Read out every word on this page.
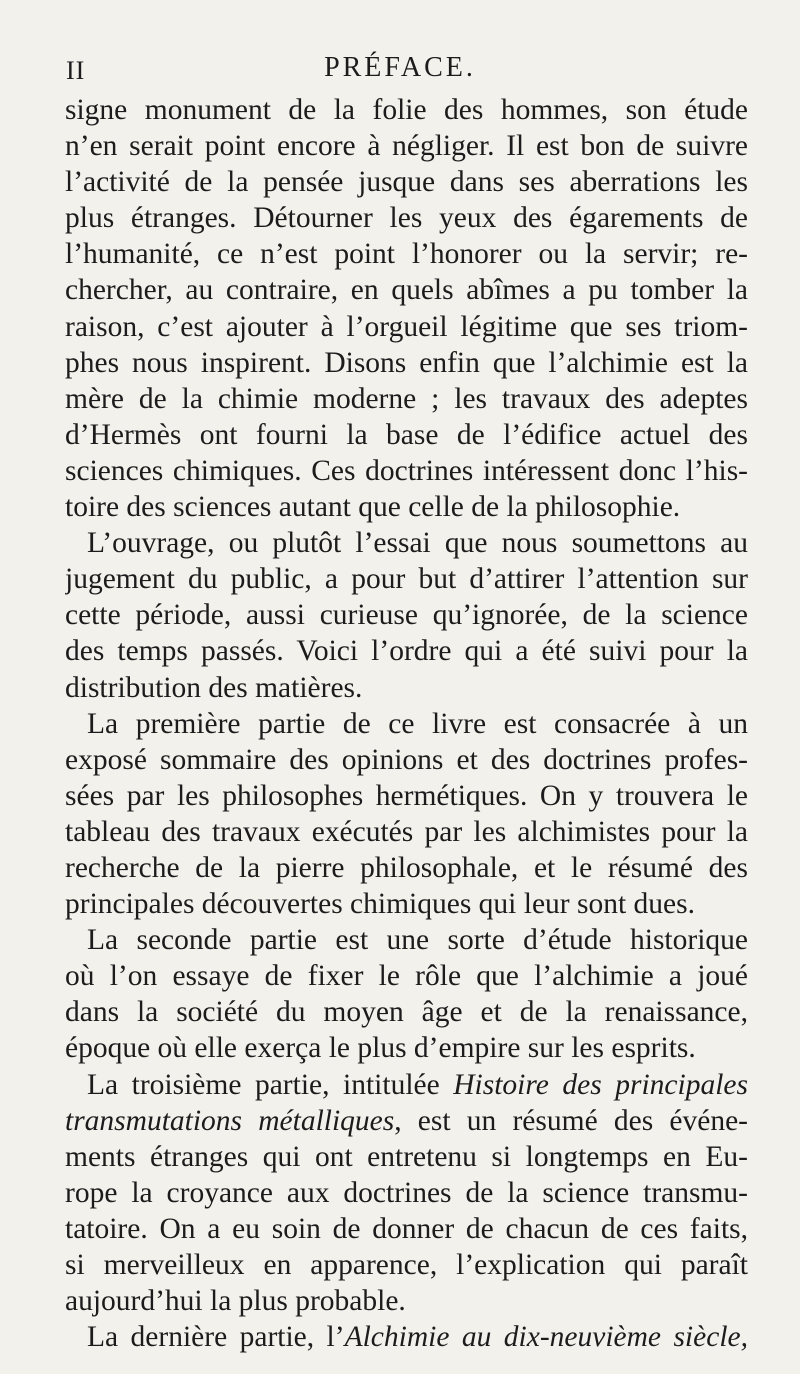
II	PRÉFACE.
signe monument de la folie des hommes, son étude
n’en serait point encore à négliger. Il est bon de suivre
l’activité de la pensée jusque dans ses aberrations les
plus étranges. Détourner les yeux des égarements de
l’humanité, ce n’est point l’honorer ou la servir; re-
chercher, au contraire, en quels abîmes a pu tomber la
raison, c’est ajouter à l’orgueil légitime que ses triom-
phes nous inspirent. Disons enfin que l’alchimie est la
mère de la chimie moderne ; les travaux des adeptes
d’Hermès ont fourni la base de l’édifice actuel des
sciences chimiques. Ces doctrines intéressent donc l’his-
toire des sciences autant que celle de la philosophie.
L’ouvrage, ou plutôt l’essai que nous soumettons au
jugement du public, a pour but d’attirer l’attention sur
cette période, aussi curieuse qu’ignorée, de la science
des temps passés. Voici l’ordre qui a été suivi pour la
distribution des matières.
La première partie de ce livre est consacrée à un
exposé sommaire des opinions et des doctrines profes-
sées par les philosophes hermétiques. On y trouvera le
tableau des travaux exécutés par les alchimistes pour la
recherche de la pierre philosophale, et le résumé des
principales découvertes chimiques qui leur sont dues.
La seconde partie est une sorte d’étude historique
où l’on essaye de fixer le rôle que l’alchimie a joué
dans la société du moyen âge et de la renaissance,
époque où elle exerça le plus d’empire sur les esprits.
La troisième partie, intitulée Histoire des principales
transmutations métalliques, est un résumé des événe-
ments étranges qui ont entretenu si longtemps en Eu-
rope la croyance aux doctrines de la science transmu-
tatoire. On a eu soin de donner de chacun de ces faits,
si merveilleux en apparence, l’explication qui paraît
aujourd’hui la plus probable.
La dernière partie, l’Alchimie au dix-neuvième siècle,
